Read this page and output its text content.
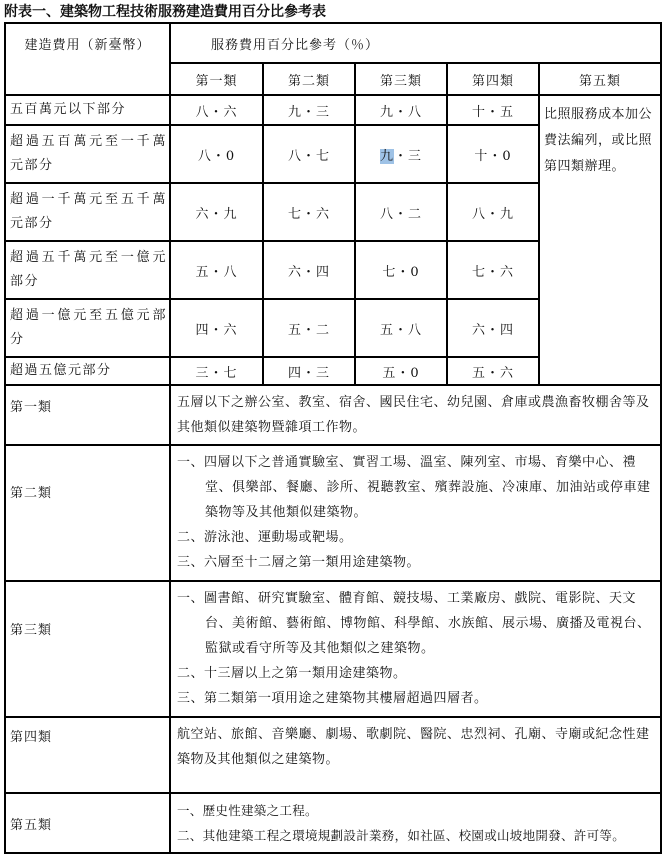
附表一、建築物工程技術服務建造費用百分比參考表
建造費用（新臺幣）	服務費用百分比參考（％）				
	第一類	第二類	第三類	第四類	第五類
五百萬元以下部分	八・六	九・三	九・八	十・五	比照服務成本加公費法編列，或比照第四類辦理。
超過五百萬元至一千萬元部分	八・0	八・七	九・三	十・0	
超過一千萬元至五千萬元部分	六・九	七・六	八・二	八・九	
超過五千萬元至一億元部分	五・八	六・四	七・0	七・六	
超過一億元至五億元部分	四・六	五・二	五・八	六・四	
超過五億元部分	三・七	四・三	五・0	五・六	
第一類	五層以下之辦公室、教室、宿舍、國民住宅、幼兒園、倉庫或農漁畜牧棚舍等及其他類似建築物暨雜項工作物。				

第二類	一、四層以下之普通實驗室、實習工場、溫室、陳列室、市場、育樂中心、禮堂、俱樂部、餐廳、診所、視聽教室、殯葬設施、冷凍庫、加油站或停車建築物等及其他類似建築物。
二、游泳池、運動場或靶場。
三、六層至十二層之第一類用途建築物。				

第三類	一、圖書館、研究實驗室、體育館、競技場、工業廠房、戲院、電影院、天文台、美術館、藝術館、博物館、科學館、水族館、展示場、廣播及電視台、監獄或看守所等及其他類似之建築物。
二、十三層以上之第一類用途建築物。
三、第二類第一項用途之建築物其樓層超過四層者。				

第四類	航空站、旅館、音樂廳、劇場、歌劇院、醫院、忠烈祠、孔廟、寺廟或紀念性建築物及其他類似之建築物。				

第五類	一、歷史性建築之工程。
二、其他建築工程之環境規劃設計業務，如社區、校園或山坡地開發、許可等。				
